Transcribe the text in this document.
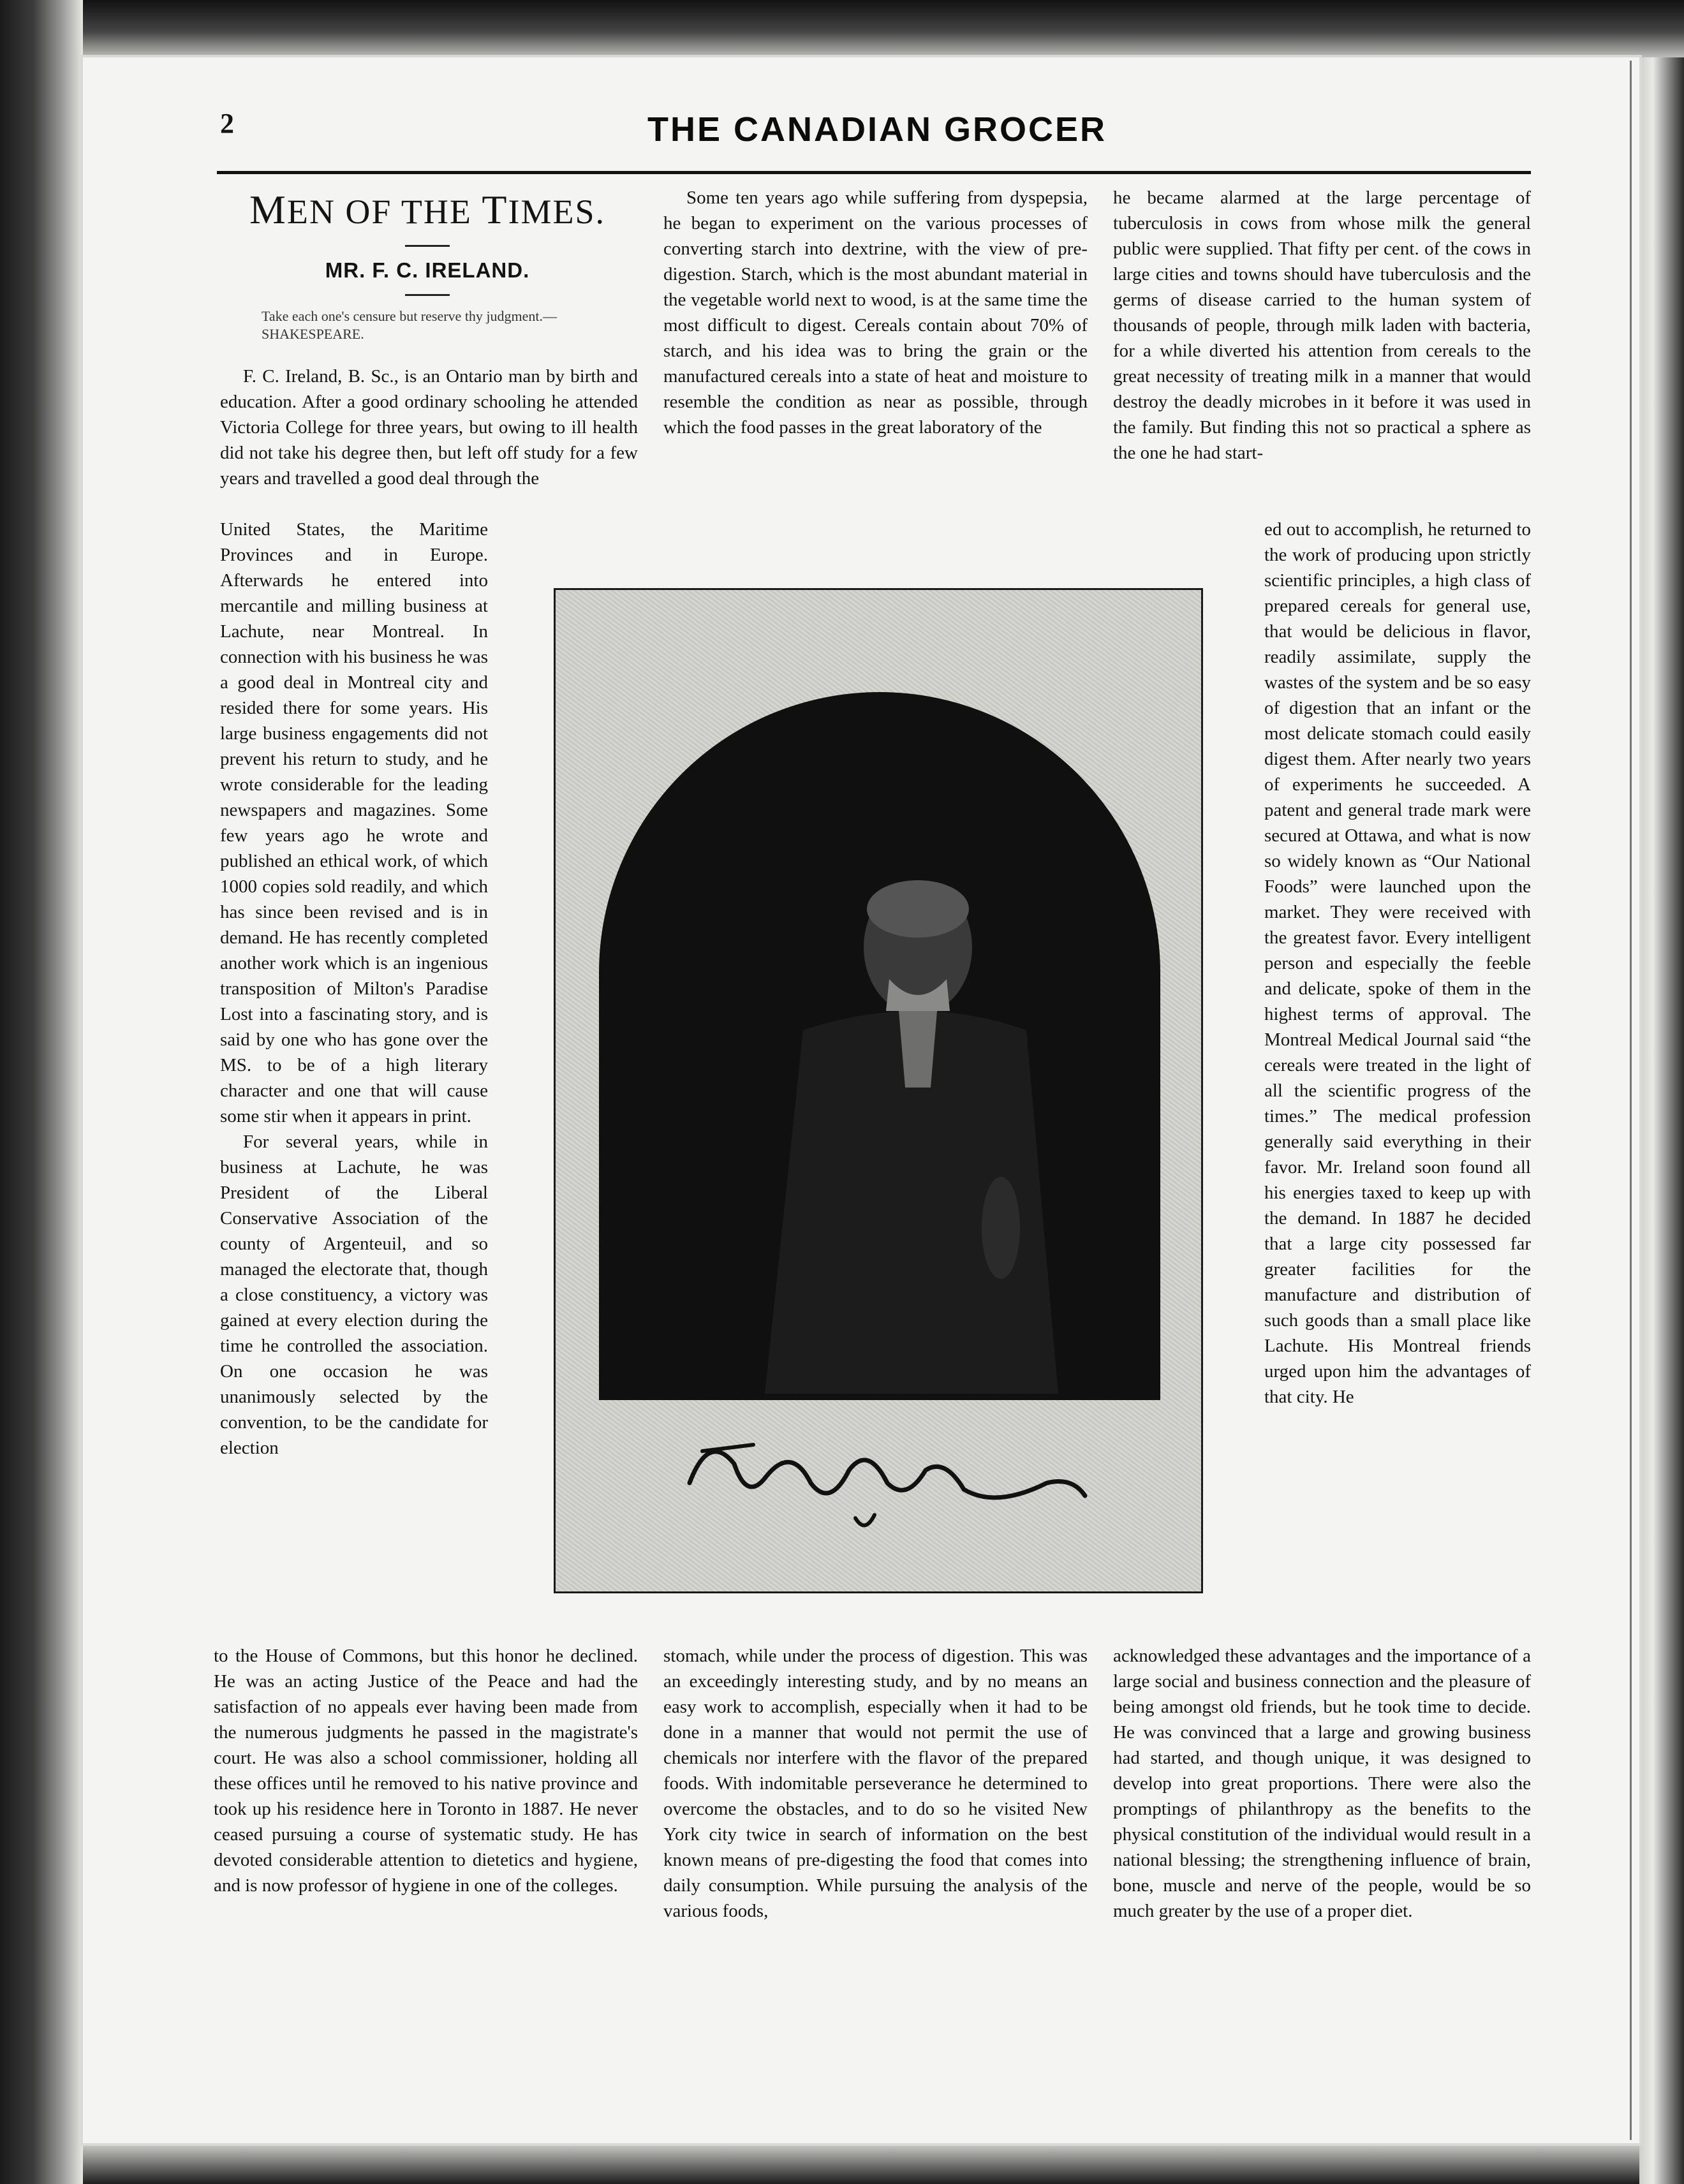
2	THE CANADIAN GROCER
MEN OF THE TIMES.
MR. F. C. IRELAND.
Take each one's censure but reserve thy judgment.—SHAKESPEARE.

F. C. Ireland, B. Sc., is an Ontario man by birth and education. After a good ordinary schooling he attended Victoria College for three years, but owing to ill health did not take his degree then, but left off study for a few years and travelled a good deal through the

United States, the Maritime Provinces and in Europe. Afterwards he entered into mercantile and milling business at Lachute, near Montreal. In connection with his business he was a good deal in Montreal city and resided there for some years. His large business engagements did not prevent his return to study, and he wrote considerable for the leading newspapers and magazines. Some few years ago he wrote and published an ethical work, of which 1000 copies sold readily, and which has since been revised and is in demand. He has recently completed another work which is an ingenious transposition of Milton's Paradise Lost into a fascinating story, and is said by one who has gone over the MS. to be of a high literary character and one that will cause some stir when it appears in print.

For several years, while in business at Lachute, he was President of the Liberal Conservative Association of the county of Argenteuil, and so managed the electorate that, though a close constituency, a victory was gained at every election during the time he controlled the association. On one occasion he was unanimously selected by the convention, to be the candidate for election

to the House of Commons, but this honor he declined. He was an acting Justice of the Peace and had the satisfaction of no appeals ever having been made from the numerous judgments he passed in the magistrate's court. He was also a school commissioner, holding all these offices until he removed to his native province and took up his residence here in Toronto in 1887. He never ceased pursuing a course of systematic study. He has devoted considerable attention to dietetics and hygiene, and is now professor of hygiene in one of the colleges.

Some ten years ago while suffering from dyspepsia, he began to experiment on the various processes of converting starch into dextrine, with the view of pre-digestion. Starch, which is the most abundant material in the vegetable world next to wood, is at the same time the most difficult to digest. Cereals contain about 70% of starch, and his idea was to bring the grain or the manufactured cereals into a state of heat and moisture to resemble the condition as near as possible, through which the food passes in the great laboratory of the

stomach, while under the process of digestion. This was an exceedingly interesting study, and by no means an easy work to accomplish, especially when it had to be done in a manner that would not permit the use of chemicals nor interfere with the flavor of the prepared foods. With indomitable perseverance he determined to overcome the obstacles, and to do so he visited New York city twice in search of information on the best known means of pre-digesting the food that comes into daily consumption. While pursuing the analysis of the various foods,

he became alarmed at the large percentage of tuberculosis in cows from whose milk the general public were supplied. That fifty per cent. of the cows in large cities and towns should have tuberculosis and the germs of disease carried to the human system of thousands of people, through milk laden with bacteria, for a while diverted his attention from cereals to the great necessity of treating milk in a manner that would destroy the deadly microbes in it before it was used in the family. But finding this not so practical a sphere as the one he had start-

ed out to accomplish, he returned to the work of producing upon strictly scientific principles, a high class of prepared cereals for general use, that would be delicious in flavor, readily assimilate, supply the wastes of the system and be so easy of digestion that an infant or the most delicate stomach could easily digest them. After nearly two years of experiments he succeeded. A patent and general trade mark were secured at Ottawa, and what is now so widely known as “Our National Foods” were launched upon the market. They were received with the greatest favor. Every intelligent person and especially the feeble and delicate, spoke of them in the highest terms of approval. The Montreal Medical Journal said “the cereals were treated in the light of all the scientific progress of the times.” The medical profession generally said everything in their favor. Mr. Ireland soon found all his energies taxed to keep up with the demand. In 1887 he decided that a large city possessed far greater facilities for the manufacture and distribution of such goods than a small place like Lachute. His Montreal friends urged upon him the advantages of that city. He

acknowledged these advantages and the importance of a large social and business connection and the pleasure of being amongst old friends, but he took time to decide. He was convinced that a large and growing business had started, and though unique, it was designed to develop into great proportions. There were also the promptings of philanthropy as the benefits to the physical constitution of the individual would result in a national blessing; the strengthening influence of brain, bone, muscle and nerve of the people, would be so much greater by the use of a proper diet.
